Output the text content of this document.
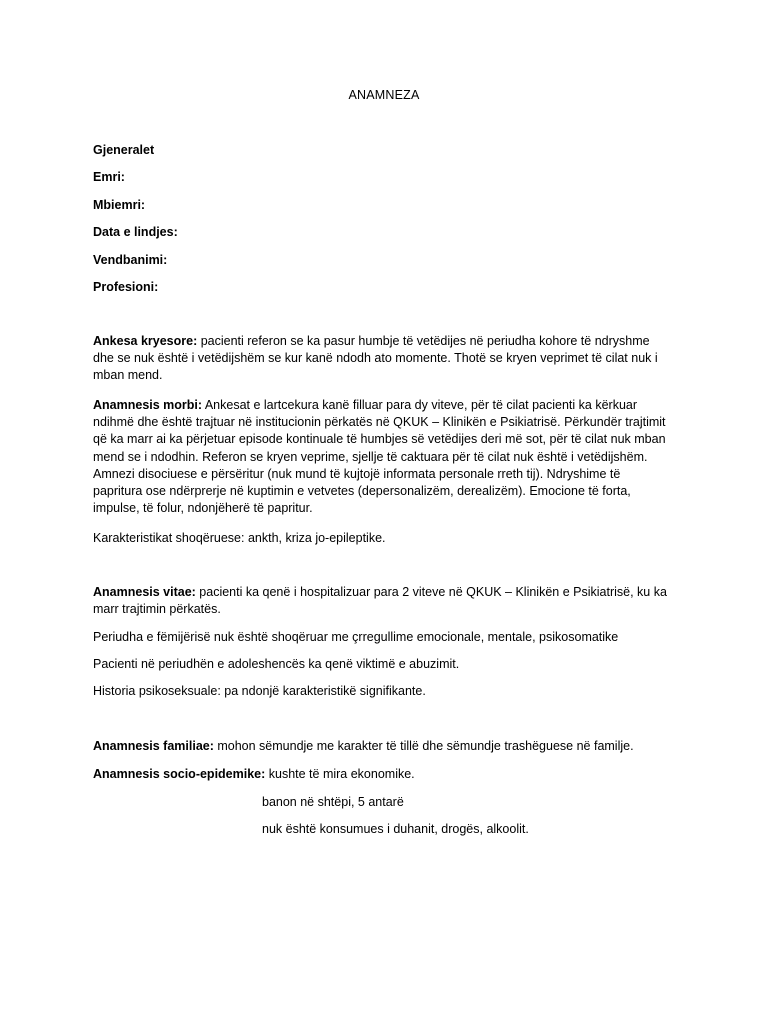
ANAMNEZA
Gjeneralet
Emri:
Mbiemri:
Data e lindjes:
Vendbanimi:
Profesioni:
Ankesa kryesore: pacienti referon se ka pasur humbje të vetëdijes në periudha kohore të ndryshme dhe se nuk është i vetëdijshëm se kur kanë ndodh ato momente. Thotë se kryen veprimet të cilat nuk i mban mend.
Anamnesis morbi: Ankesat e lartcekura kanë filluar para dy viteve, për të cilat pacienti ka kërkuar ndihmë dhe është trajtuar në institucionin përkatës në QKUK – Klinikën e Psikiatrisë. Përkundër trajtimit që ka marr ai ka përjetuar episode kontinuale të humbjes së vetëdijes deri më sot, për të cilat nuk mban mend se i ndodhin. Referon se kryen veprime, sjellje të caktuara për të cilat nuk është i vetëdijshëm. Amnezi disociuese e përsëritur (nuk mund të kujtojë informata personale rreth tij). Ndryshime të papritura ose ndërprerje në kuptimin e vetvetes (depersonalizëm, derealizëm). Emocione të forta, impulse, të folur, ndonjëherë të papritur.
Karakteristikat shoqëruese: ankth, kriza jo-epileptike.
Anamnesis vitae: pacienti ka qenë i hospitalizuar para 2 viteve në QKUK – Klinikën e Psikiatrisë, ku ka marr trajtimin përkatës.
Periudha e fëmijërisë nuk është shoqëruar me çrregullime emocionale, mentale, psikosomatike
Pacienti në periudhën e adoleshencës ka qenë viktimë e abuzimit.
Historia psikoseksuale: pa ndonjë karakteristikë signifikante.
Anamnesis familiae: mohon sëmundje me karakter të tillë dhe sëmundje trashëguese në familje.
Anamnesis socio-epidemike: kushte të mira ekonomike.
banon në shtëpi, 5 antarë
nuk është konsumues i duhanit, drogës, alkoolit.
